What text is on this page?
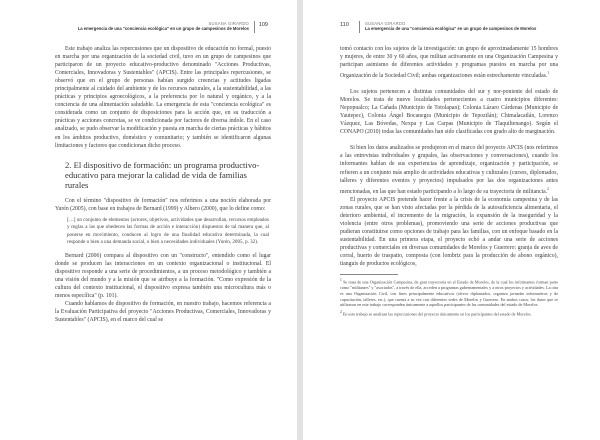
SUSANA GIRARDO
La emergencia de una "conciencia ecológica" en un grupo de campesinos de Morelos
109

Este trabajo analiza las repercusiones que un dispositivo de educación no formal, puesto en marcha por una organización de la sociedad civil, tuvo en un grupo de campesinos que participaron de un proyecto educativo-productivo denominado "Acciones Productivas, Comerciales, Innovadoras y Sustentables" (APCIS). Entre las principales repercusiones, se observó que en el grupo de personas habían surgido creencias y actitudes ligadas principalmente al cuidado del ambiente y de los recursos naturales, a la sustentabilidad, a las prácticas y principios agroecológicos, a la preferencia por lo natural y orgánico, y a la conciencia de una alimentación saludable. La emergencia de esta "conciencia ecológica" es considerada como un conjunto de disposiciones para la acción que, en su traducción a prácticas y acciones concretas, se ve condicionada por factores de diversa índole. En el caso analizado, se pudo observar la modificación y puesta en marcha de ciertas prácticas y hábitos en los ámbitos productivo, doméstico y comunitario; y también se identificaron algunas limitaciones y factores que condicionan dicho proceso.

2. El dispositivo de formación: un programa productivo-educativo para mejorar la calidad de vida de familias rurales

Con el término "dispositivo de formación" nos referimos a una noción elaborada por Yurén (2005), con base en trabajos de Bernard (1999) y Albero (2000), que lo define como:

[…] un conjunto de elementos (actores, objetivos, actividades que desarrollan, recursos empleados y reglas a las que obedecen las formas de acción e interacción) dispuestos de tal manera que, al ponerse en movimiento, conducen al logro de una finalidad educativa determinada, la cual responde o bien a una demanda social, o bien a necesidades individuales (Yurén, 2005, p. 32).

Bernard (2006) compara al dispositivo con un "constructo", entendido como el lugar donde se producen las interacciones en un contexto organizacional o institucional. El dispositivo responde a una serie de procedimientos, a un proceso metodológico y también a una visión del mundo y a la misión que se atribuye a la formación. "Como expresión de la cultura del contexto institucional, el dispositivo expresa también una microcultura más o menos específica" (p. 101).

Cuando hablamos de dispositivo de formación, en nuestro trabajo, hacemos referencia a la Evaluación Participativa del proyecto "Acciones Productivas, Comerciales, Innovadoras y Sustentables" (APCIS), en el marco del cual se

110	SUSANA GIRARDO
La emergencia de una "conciencia ecológica" en un grupo de campesinos de Morelos

tomó contacto con los sujetos de la investigación: un grupo de aproximadamente 15 hombres y mujeres, de entre 30 y 60 años, que militan activamente en una Organización Campesina y participan asimismo de diferentes actividades y programas puestos en marcha por una Organización de la Sociedad Civil; ambas organizaciones están estrechamente vinculadas.$^1$

Los sujetos pertenecen a distintas comunidades del sur y nor-poniente del estado de Morelos. Se trata de nueve localidades pertenecientes a cuatro municipios diferentes: Nepopualco; La Cañada (Municipio de Totolapan); Colonia Lázaro Cárdenas (Municipio de Yautepec), Colonia Ángel Bocanegra (Municipio de Tepoztlán); Chimalacatlán, Lorenzo Vázquez, Las Bóvedas, Nexpa y Las Carpas (Municipio de Tlaquiltenango). Según el CONAPO (2010) todas las comunidades han sido clasificadas con grado alto de marginación.

Si bien los datos analizados se produjeron en el marco del proyecto APCIS (nos referimos a las entrevistas individuales y grupales, las observaciones y conversaciones), cuando los informantes hablan de sus experiencias de aprendizaje, organización y participación, se refieren a un conjunto más amplio de actividades educativas y culturales (cursos, diplomados, talleres y diferentes eventos y proyectos) impulsados por las dos organizaciones antes mencionadas, en las que han estado participando a lo largo de su trayectoria de militancia.$^2$

El proyecto APCIS pretende hacer frente a la crisis de la economía campesina y de las zonas rurales, que se han visto afectadas por la pérdida de la autosuficiencia alimentaria, el deterioro ambiental, el incremento de la migración, la expansión de la inseguridad y la violencia (entre otros problemas), promoviendo una serie de acciones productivas que pudieran constituirse como opciones de trabajo para las familias, con un enfoque basado en la sustentabilidad. En una primera etapa, el proyecto echó a andar una serie de acciones productivas y comerciales en diversas comunidades de Morelos y Guerrero: granja de aves de corral, huerto de traspatio, composta (con lombriz para la producción de abono orgánico), tianguis de productos ecológicos,

$^1$ Se trata de una Organización Campesina, de gran trayectoria en el Estado de Morelos, de la cual los informantes forman parte como "militantes" y "asociados", a través de ella, acceden a programas gubernamentales y a otros proyectos y actividades. La otra es una Organización Civil, con fines principalmente educativos (ofrece diplomados, organiza jornadas informativas y de capacitación, talleres, etc.), que cuenta a su vez con diferentes sedes de Morelos y Guerrero. En ambos casos, los datos que se utilizaron en este trabajo corresponden únicamente a aquellos participantes de las comunidades del estado de Morelos.

$^2$ En este trabajo se analizan las repercusiones del proyecto únicamente en los participantes del estado de Morelos.
